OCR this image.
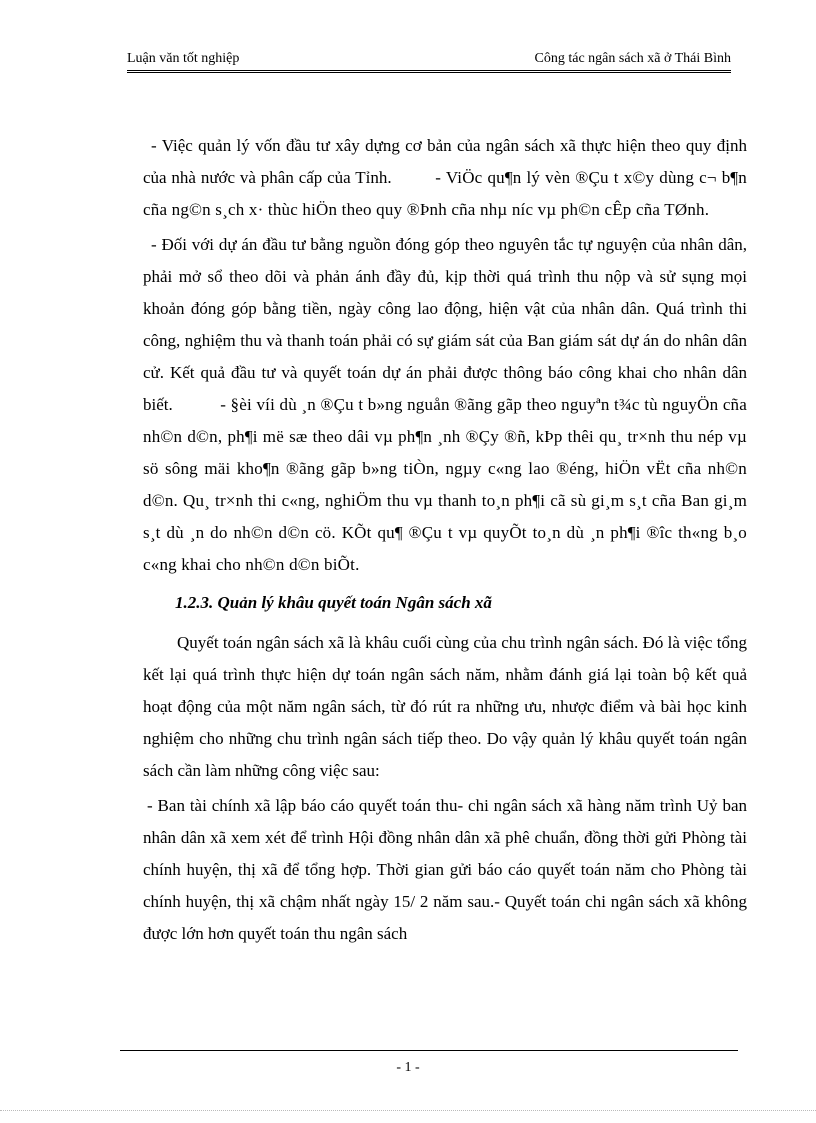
Luận văn tốt nghiệp	Công tác ngân sách xã ở Thái Bình

- Việc quản lý vốn đầu tư xây dựng cơ bản của ngân sách xã thực hiện theo quy định của nhà nước và phân cấp của Tỉnh.	- ViÖc qu¶n lý vèn ®Çu t x©y dùng c¬ b¶n cña ng©n s¸ch x· thùc hiÖn theo quy ®Þnh cña nhµ níc vµ ph©n cÊp cña TØnh.

- Đối với dự án đầu tư bằng nguồn đóng góp theo nguyên tắc tự nguyện của nhân dân, phải mở sổ theo dõi và phản ánh đầy đủ, kịp thời quá trình thu nộp và sử sụng mọi khoản đóng góp bằng tiền, ngày công lao động, hiện vật của nhân dân. Quá trình thi công, nghiệm thu và thanh toán phải có sự giám sát của Ban giám sát dự án do nhân dân cử. Kết quả đầu tư và quyết toán dự án phải được thông báo công khai cho nhân dân biết.	- §èi víi dù ¸n ®Çu t b»ng nguån ®ãng gãp theo nguyªn t¾c tù nguyÖn cña nh©n d©n, ph¶i më sæ theo dâi vµ ph¶n ¸nh ®Çy ®ñ, kÞp thêi qu¸ tr×nh thu nép vµ sö sông mäi kho¶n ®ãng gãp b»ng tiÒn, ngµy c«ng lao ®éng, hiÖn vËt cña nh©n d©n. Qu¸ tr×nh thi c«ng, nghiÖm thu vµ thanh to¸n ph¶i cã sù gi¸m s¸t cña Ban gi¸m s¸t dù ¸n do nh©n d©n cö. KÕt qu¶ ®Çu t vµ quyÕt to¸n dù ¸n ph¶i ®îc th«ng b¸o c«ng khai cho nh©n d©n biÕt.

1.2.3. Quản lý khâu quyết toán Ngân sách xã

Quyết toán ngân sách xã là khâu cuối cùng của chu trình ngân sách. Đó là việc tổng kết lại quá trình thực hiện dự toán ngân sách năm, nhằm đánh giá lại toàn bộ kết quả hoạt động của một năm ngân sách, từ đó rút ra những ưu, nhược điểm và bài học kinh nghiệm cho những chu trình ngân sách tiếp theo. Do vậy quản lý khâu quyết toán ngân sách cần làm những công việc sau:

- Ban tài chính xã lập báo cáo quyết toán thu- chi ngân sách xã hàng năm trình Uỷ ban nhân dân xã xem xét để trình Hội đồng nhân dân xã phê chuẩn, đồng thời gửi Phòng tài chính huyện, thị xã để tổng hợp. Thời gian gửi báo cáo quyết toán năm cho Phòng tài chính huyện, thị xã chậm nhất ngày 15/ 2 năm sau.- Quyết toán chi ngân sách xã không được lớn hơn quyết toán thu ngân sách

- 1 -
